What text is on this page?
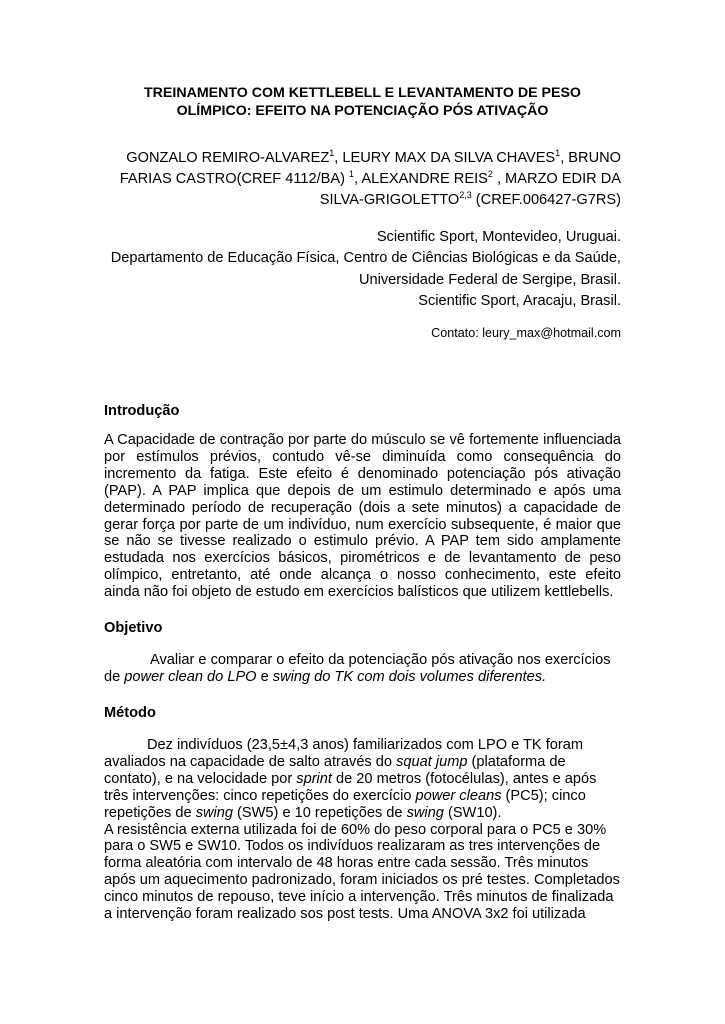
TREINAMENTO COM KETTLEBELL E LEVANTAMENTO DE PESO
OLÍMPICO: EFEITO NA POTENCIAÇÃO PÓS ATIVAÇÃO
GONZALO REMIRO-ALVAREZ$^1$, LEURY MAX DA SILVA CHAVES$^1$, BRUNO
FARIAS CASTRO(CREF 4112/BA) $^1$, ALEXANDRE REIS$^2$ , MARZO EDIR DA
SILVA-GRIGOLETTO$^{2,3}$ (CREF.006427-G7RS)
Scientific Sport, Montevideo, Uruguai.
Departamento de Educação Física, Centro de Ciências Biológicas e da Saúde,
Universidade Federal de Sergipe, Brasil.
Scientific Sport, Aracaju, Brasil.
Contato: leury_max@hotmail.com
Introdução
A Capacidade de contração por parte do músculo se vê fortemente influenciada
por estímulos prévios, contudo vê-se diminuída como consequência do
incremento da fatiga. Este efeito é denominado potenciação pós ativação
(PAP). A PAP implica que depois de um estimulo determinado e após uma
determinado período de recuperação (dois a sete minutos) a capacidade de
gerar força por parte de um indivíduo, num exercício subsequente, é maior que
se não se tivesse realizado o estimulo prévio. A PAP tem sido amplamente
estudada nos exercícios básicos, pirométricos e de levantamento de peso
olímpico, entretanto, até onde alcança o nosso conhecimento, este efeito
ainda não foi objeto de estudo em exercícios balísticos que utilizem kettlebells.
Objetivo
Avaliar e comparar o efeito da potenciação pós ativação nos exercícios
de power clean do LPO e swing do TK com dois volumes diferentes.
Método
Dez indivíduos (23,5±4,3 anos) familiarizados com LPO e TK foram
avaliados na capacidade de salto através do squat jump (plataforma de
contato), e na velocidade por sprint de 20 metros (fotocélulas), antes e após
três intervenções: cinco repetições do exercício power cleans (PC5); cinco
repetições de swing (SW5) e 10 repetições de swing (SW10).
A resistência externa utilizada foi de 60% do peso corporal para o PC5 e 30%
para o SW5 e SW10. Todos os indivíduos realizaram as tres intervenções de
forma aleatória com intervalo de 48 horas entre cada sessão. Três minutos
após um aquecimento padronizado, foram iniciados os pré testes. Completados
cinco minutos de repouso, teve início a intervenção. Três minutos de finalizada
a intervenção foram realizado sos post tests. Uma ANOVA 3x2 foi utilizada
